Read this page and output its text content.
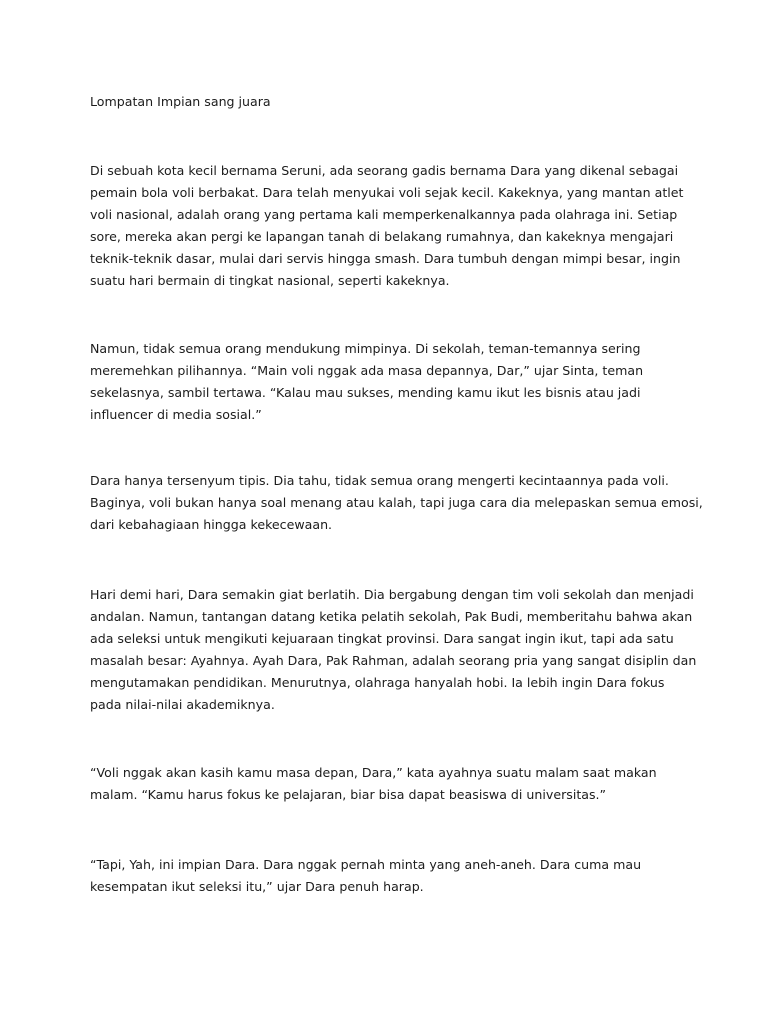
Lompatan Impian sang juara

Di sebuah kota kecil bernama Seruni, ada seorang gadis bernama Dara yang dikenal sebagai
pemain bola voli berbakat. Dara telah menyukai voli sejak kecil. Kakeknya, yang mantan atlet
voli nasional, adalah orang yang pertama kali memperkenalkannya pada olahraga ini. Setiap
sore, mereka akan pergi ke lapangan tanah di belakang rumahnya, dan kakeknya mengajari
teknik-teknik dasar, mulai dari servis hingga smash. Dara tumbuh dengan mimpi besar, ingin
suatu hari bermain di tingkat nasional, seperti kakeknya.

Namun, tidak semua orang mendukung mimpinya. Di sekolah, teman-temannya sering
meremehkan pilihannya. “Main voli nggak ada masa depannya, Dar,” ujar Sinta, teman
sekelasnya, sambil tertawa. “Kalau mau sukses, mending kamu ikut les bisnis atau jadi
influencer di media sosial.”

Dara hanya tersenyum tipis. Dia tahu, tidak semua orang mengerti kecintaannya pada voli.
Baginya, voli bukan hanya soal menang atau kalah, tapi juga cara dia melepaskan semua emosi,
dari kebahagiaan hingga kekecewaan.

Hari demi hari, Dara semakin giat berlatih. Dia bergabung dengan tim voli sekolah dan menjadi
andalan. Namun, tantangan datang ketika pelatih sekolah, Pak Budi, memberitahu bahwa akan
ada seleksi untuk mengikuti kejuaraan tingkat provinsi. Dara sangat ingin ikut, tapi ada satu
masalah besar: Ayahnya. Ayah Dara, Pak Rahman, adalah seorang pria yang sangat disiplin dan
mengutamakan pendidikan. Menurutnya, olahraga hanyalah hobi. Ia lebih ingin Dara fokus
pada nilai-nilai akademiknya.

“Voli nggak akan kasih kamu masa depan, Dara,” kata ayahnya suatu malam saat makan
malam. “Kamu harus fokus ke pelajaran, biar bisa dapat beasiswa di universitas.”

“Tapi, Yah, ini impian Dara. Dara nggak pernah minta yang aneh-aneh. Dara cuma mau
kesempatan ikut seleksi itu,” ujar Dara penuh harap.
